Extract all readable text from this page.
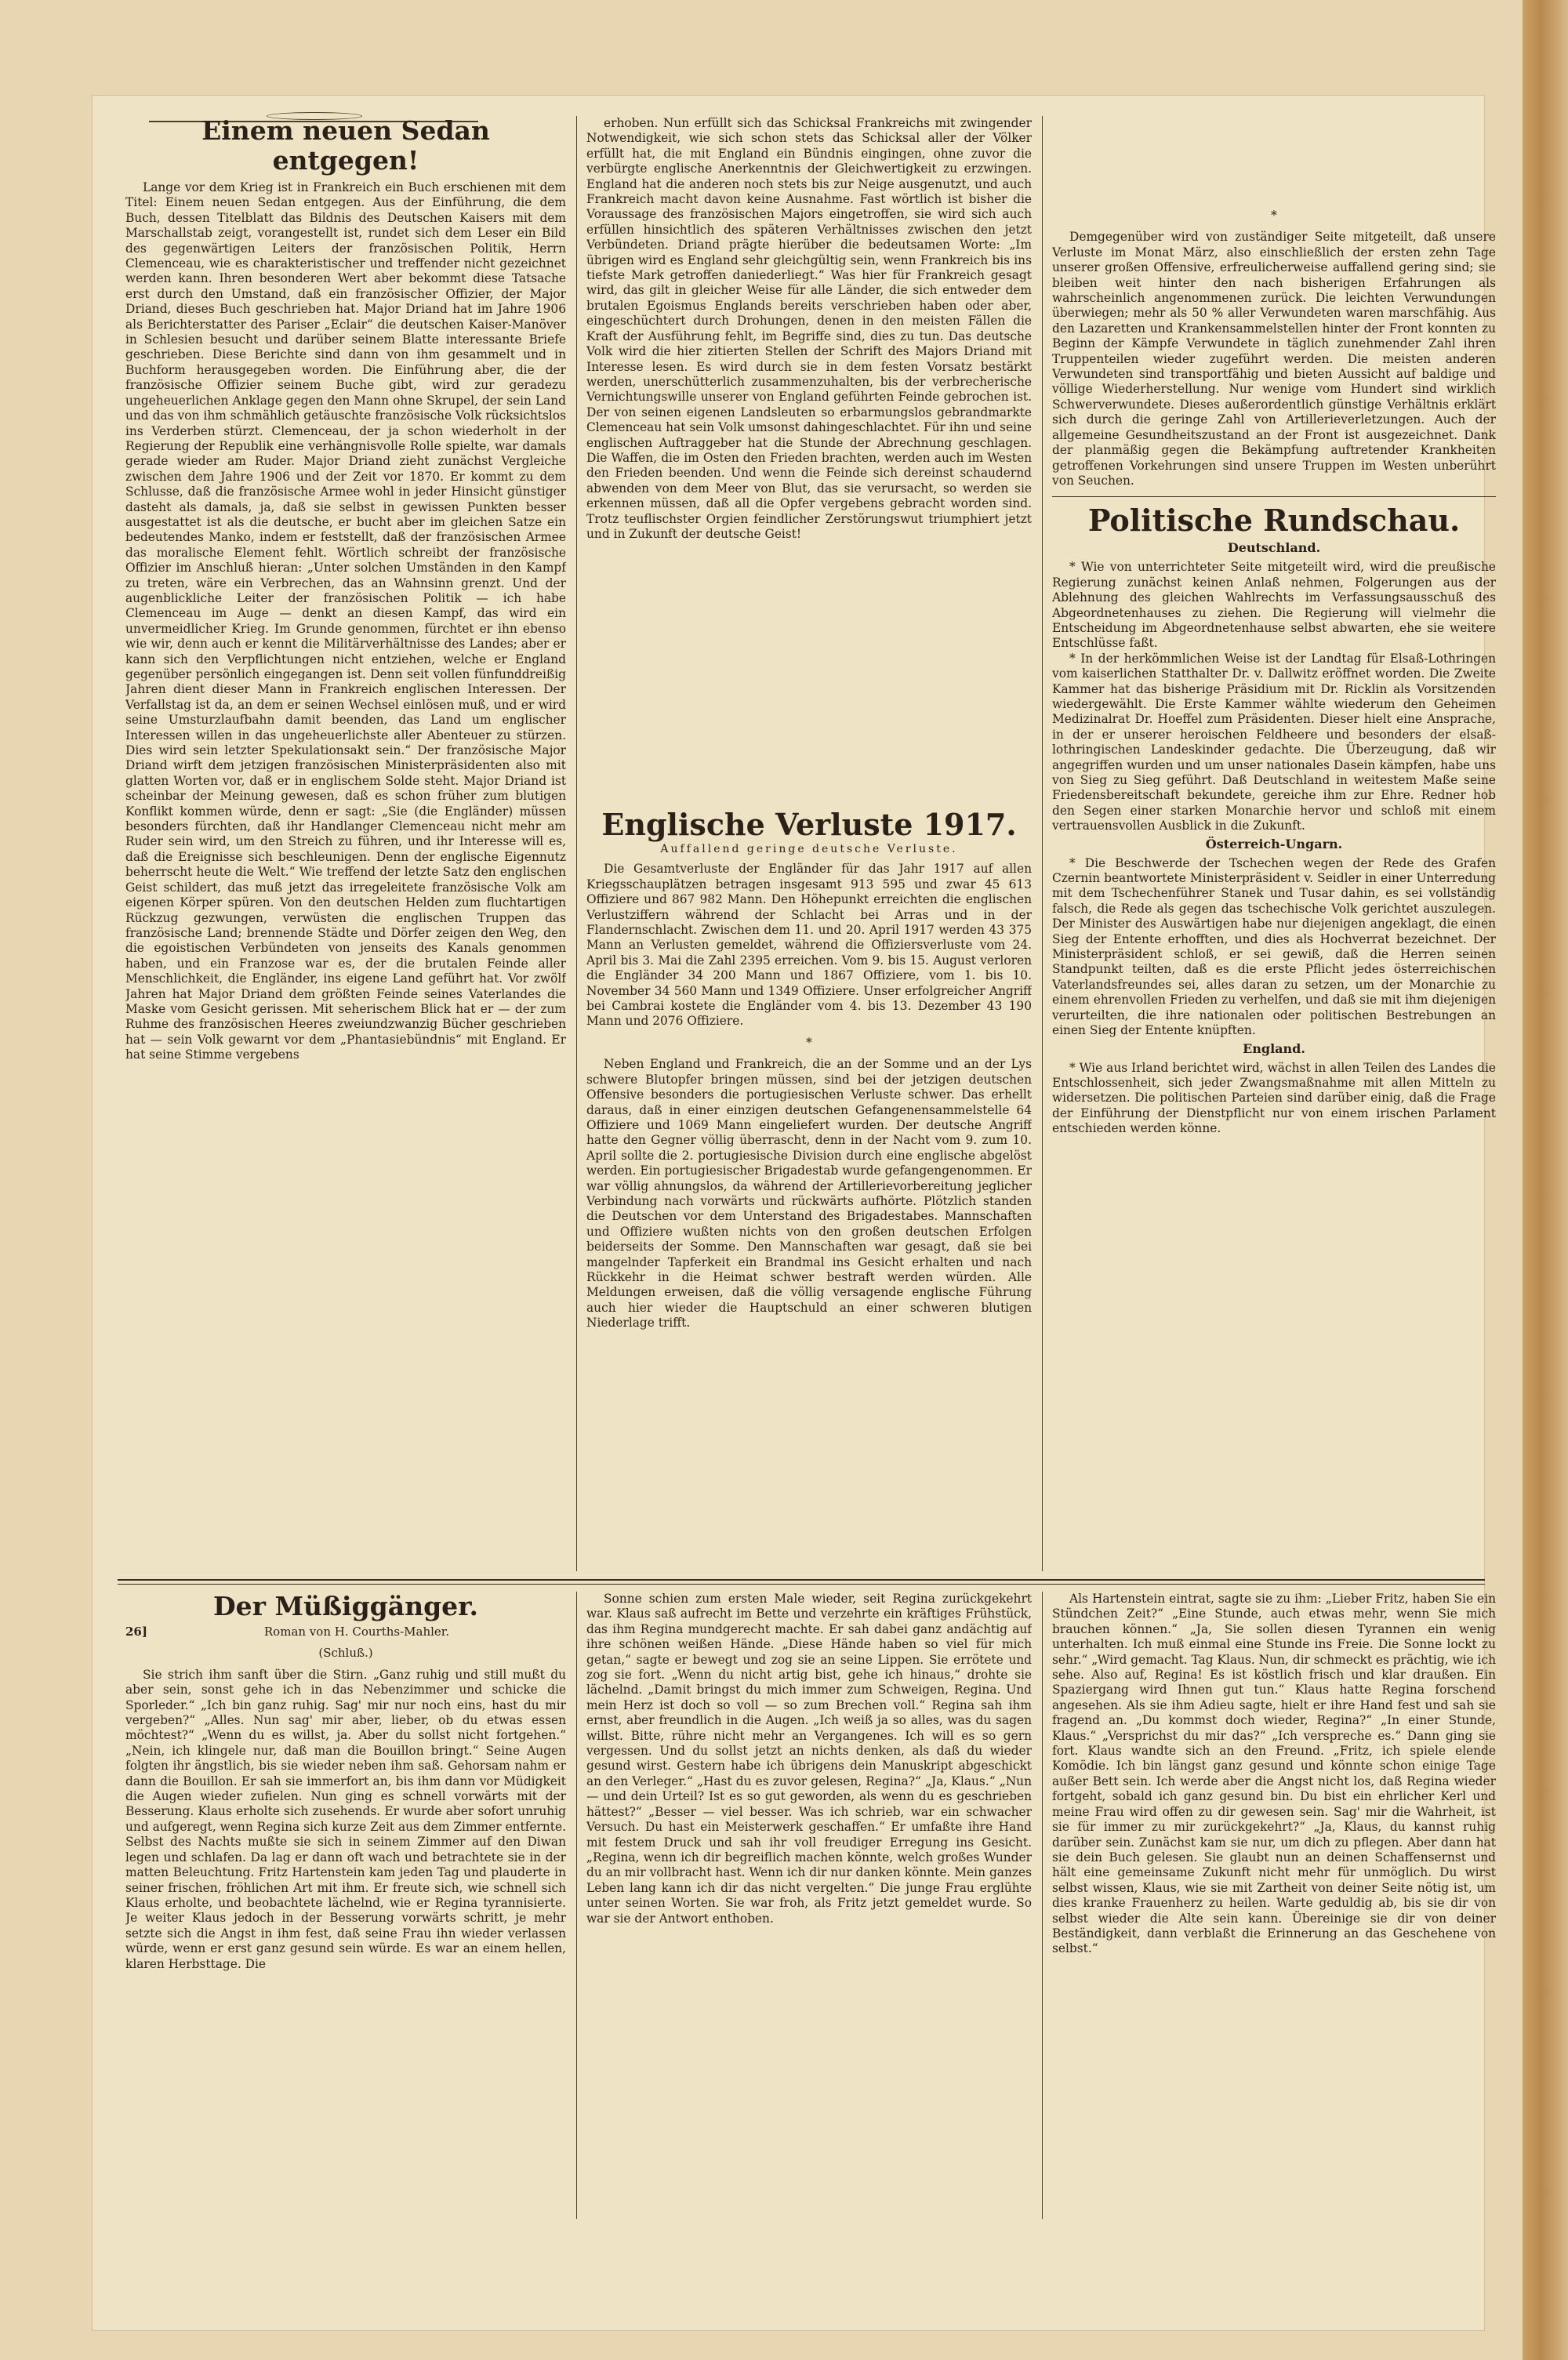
Einem neuen Sedan entgegen!

Lange vor dem Krieg ist in Frankreich ein Buch erschienen mit dem Titel: Einem neuen Sedan entgegen. Aus der Einführung, die dem Buch, dessen Titelblatt das Bildnis des Deutschen Kaisers mit dem Marschallstab zeigt, vorangestellt ist, rundet sich dem Leser ein Bild des gegenwärtigen Leiters der französischen Politik, Herrn Clemenceau, wie es charakteristischer und treffender nicht gezeichnet werden kann. Ihren besonderen Wert aber bekommt diese Tatsache erst durch den Umstand, daß ein französischer Offizier, der Major Driand, dieses Buch geschrieben hat. Major Driand hat im Jahre 1906 als Berichterstatter des Pariser „Eclair“ die deutschen Kaiser-Manöver in Schlesien besucht und darüber seinem Blatte interessante Briefe geschrieben. Diese Berichte sind dann von ihm gesammelt und in Buchform herausgegeben worden. Die Einführung aber, die der französische Offizier seinem Buche gibt, wird zur geradezu ungeheuerlichen Anklage gegen den Mann ohne Skrupel, der sein Land und das von ihm schmählich getäuschte französische Volk rücksichtslos ins Verderben stürzt. Clemenceau, der ja schon wiederholt in der Regierung der Republik eine verhängnisvolle Rolle spielte, war damals gerade wieder am Ruder. Major Driand zieht zunächst Vergleiche zwischen dem Jahre 1906 und der Zeit vor 1870. Er kommt zu dem Schlusse, daß die französische Armee wohl in jeder Hinsicht günstiger dasteht als damals, ja, daß sie selbst in gewissen Punkten besser ausgestattet ist als die deutsche, er bucht aber im gleichen Satze ein bedeutendes Manko, indem er feststellt, daß der französischen Armee das moralische Element fehlt. Wörtlich schreibt der französische Offizier im Anschluß hieran: „Unter solchen Umständen in den Kampf zu treten, wäre ein Verbrechen, das an Wahnsinn grenzt. Und der augenblickliche Leiter der französischen Politik — ich habe Clemenceau im Auge — denkt an diesen Kampf, das wird ein unvermeidlicher Krieg. Im Grunde genommen, fürchtet er ihn ebenso wie wir, denn auch er kennt die Militärverhältnisse des Landes; aber er kann sich den Verpflichtungen nicht entziehen, welche er England gegenüber persönlich eingegangen ist. Denn seit vollen fünfunddreißig Jahren dient dieser Mann in Frankreich englischen Interessen. Der Verfallstag ist da, an dem er seinen Wechsel einlösen muß, und er wird seine Umsturzlaufbahn damit beenden, das Land um englischer Interessen willen in das ungeheuerlichste aller Abenteuer zu stürzen. Dies wird sein letzter Spekulationsakt sein.“ Der französische Major Driand wirft dem jetzigen französischen Ministerpräsidenten also mit glatten Worten vor, daß er in englischem Solde steht. Major Driand ist scheinbar der Meinung gewesen, daß es schon früher zum blutigen Konflikt kommen würde, denn er sagt: „Sie (die Engländer) müssen besonders fürchten, daß ihr Handlanger Clemenceau nicht mehr am Ruder sein wird, um den Streich zu führen, und ihr Interesse will es, daß die Ereignisse sich beschleunigen. Denn der englische Eigennutz beherrscht heute die Welt.“ Wie treffend der letzte Satz den englischen Geist schildert, das muß jetzt das irregeleitete französische Volk am eigenen Körper spüren. Von den deutschen Helden zum fluchtartigen Rückzug gezwungen, verwüsten die englischen Truppen das französische Land; brennende Städte und Dörfer zeigen den Weg, den die egoistischen Verbündeten von jenseits des Kanals genommen haben, und ein Franzose war es, der die brutalen Feinde aller Menschlichkeit, die Engländer, ins eigene Land geführt hat. Vor zwölf Jahren hat Major Driand dem größten Feinde seines Vaterlandes die Maske vom Gesicht gerissen. Mit seherischem Blick hat er — der zum Ruhme des französischen Heeres zweiundzwanzig Bücher geschrieben hat — sein Volk gewarnt vor dem „Phantasiebündnis“ mit England. Er hat seine Stimme vergebens

erhoben. Nun erfüllt sich das Schicksal Frankreichs mit zwingender Notwendigkeit, wie sich schon stets das Schicksal aller der Völker erfüllt hat, die mit England ein Bündnis eingingen, ohne zuvor die verbürgte englische Anerkenntnis der Gleichwertigkeit zu erzwingen. England hat die anderen noch stets bis zur Neige ausgenutzt, und auch Frankreich macht davon keine Ausnahme. Fast wörtlich ist bisher die Voraussage des französischen Majors eingetroffen, sie wird sich auch erfüllen hinsichtlich des späteren Verhältnisses zwischen den jetzt Verbündeten. Driand prägte hierüber die bedeutsamen Worte: „Im übrigen wird es England sehr gleichgültig sein, wenn Frankreich bis ins tiefste Mark getroffen daniederliegt.“ Was hier für Frankreich gesagt wird, das gilt in gleicher Weise für alle Länder, die sich entweder dem brutalen Egoismus Englands bereits verschrieben haben oder aber, eingeschüchtert durch Drohungen, denen in den meisten Fällen die Kraft der Ausführung fehlt, im Begriffe sind, dies zu tun. Das deutsche Volk wird die hier zitierten Stellen der Schrift des Majors Driand mit Interesse lesen. Es wird durch sie in dem festen Vorsatz bestärkt werden, unerschütterlich zusammenzuhalten, bis der verbrecherische Vernichtungswille unserer von England geführten Feinde gebrochen ist. Der von seinen eigenen Landsleuten so erbarmungslos gebrandmarkte Clemenceau hat sein Volk umsonst dahingeschlachtet. Für ihn und seine englischen Auftraggeber hat die Stunde der Abrechnung geschlagen. Die Waffen, die im Osten den Frieden brachten, werden auch im Westen den Frieden beenden. Und wenn die Feinde sich dereinst schaudernd abwenden von dem Meer von Blut, das sie verursacht, so werden sie erkennen müssen, daß all die Opfer vergebens gebracht worden sind. Trotz teuflischster Orgien feindlicher Zerstörungswut triumphiert jetzt und in Zukunft der deutsche Geist!

Englische Verluste 1917.
Auffallend geringe deutsche Verluste.

Die Gesamtverluste der Engländer für das Jahr 1917 auf allen Kriegsschauplätzen betragen insgesamt 913 595 und zwar 45 613 Offiziere und 867 982 Mann. Den Höhepunkt erreichten die englischen Verlustziffern während der Schlacht bei Arras und in der Flandernschlacht. Zwischen dem 11. und 20. April 1917 werden 43 375 Mann an Verlusten gemeldet, während die Offiziersverluste vom 24. April bis 3. Mai die Zahl 2395 erreichen. Vom 9. bis 15. August verloren die Engländer 34 200 Mann und 1867 Offiziere, vom 1. bis 10. November 34 560 Mann und 1349 Offiziere. Unser erfolgreicher Angriff bei Cambrai kostete die Engländer vom 4. bis 13. Dezember 43 190 Mann und 2076 Offiziere.

*

Neben England und Frankreich, die an der Somme und an der Lys schwere Blutopfer bringen müssen, sind bei der jetzigen deutschen Offensive besonders die portugiesischen Verluste schwer. Das erhellt daraus, daß in einer einzigen deutschen Gefangenensammelstelle 64 Offiziere und 1069 Mann eingeliefert wurden. Der deutsche Angriff hatte den Gegner völlig überrascht, denn in der Nacht vom 9. zum 10. April sollte die 2. portugiesische Division durch eine englische abgelöst werden. Ein portugiesischer Brigadestab wurde gefangengenommen. Er war völlig ahnungslos, da während der Artillerievorbereitung jeglicher Verbindung nach vorwärts und rückwärts aufhörte. Plötzlich standen die Deutschen vor dem Unterstand des Brigadestabes. Mannschaften und Offiziere wußten nichts von den großen deutschen Erfolgen beiderseits der Somme. Den Mannschaften war gesagt, daß sie bei mangelnder Tapferkeit ein Brandmal ins Gesicht erhalten und nach Rückkehr in die Heimat schwer bestraft werden würden. Alle Meldungen erweisen, daß die völlig versagende englische Führung auch hier wieder die Hauptschuld an einer schweren blutigen Niederlage trifft.

*

Demgegenüber wird von zuständiger Seite mitgeteilt, daß unsere Verluste im Monat März, also einschließlich der ersten zehn Tage unserer großen Offensive, erfreulicherweise auffallend gering sind; sie bleiben weit hinter den nach bisherigen Erfahrungen als wahrscheinlich angenommenen zurück. Die leichten Verwundungen überwiegen; mehr als 50 % aller Verwundeten waren marschfähig. Aus den Lazaretten und Krankensammelstellen hinter der Front konnten zu Beginn der Kämpfe Verwundete in täglich zunehmender Zahl ihren Truppenteilen wieder zugeführt werden. Die meisten anderen Verwundeten sind transportfähig und bieten Aussicht auf baldige und völlige Wiederherstellung. Nur wenige vom Hundert sind wirklich Schwerverwundete. Dieses außerordentlich günstige Verhältnis erklärt sich durch die geringe Zahl von Artillerieverletzungen. Auch der allgemeine Gesundheitszustand an der Front ist ausgezeichnet. Dank der planmäßig gegen die Bekämpfung auftretender Krankheiten getroffenen Vorkehrungen sind unsere Truppen im Westen unberührt von Seuchen.

Politische Rundschau.
Deutschland.

* Wie von unterrichteter Seite mitgeteilt wird, wird die preußische Regierung zunächst keinen Anlaß nehmen, Folgerungen aus der Ablehnung des gleichen Wahlrechts im Verfassungsausschuß des Abgeordnetenhauses zu ziehen. Die Regierung will vielmehr die Entscheidung im Abgeordnetenhause selbst abwarten, ehe sie weitere Entschlüsse faßt.

* In der herkömmlichen Weise ist der Landtag für Elsaß-Lothringen vom kaiserlichen Statthalter Dr. v. Dallwitz eröffnet worden. Die Zweite Kammer hat das bisherige Präsidium mit Dr. Ricklin als Vorsitzenden wiedergewählt. Die Erste Kammer wählte wiederum den Geheimen Medizinalrat Dr. Hoeffel zum Präsidenten. Dieser hielt eine Ansprache, in der er unserer heroischen Feldheere und besonders der elsaß-lothringischen Landeskinder gedachte. Die Überzeugung, daß wir angegriffen wurden und um unser nationales Dasein kämpfen, habe uns von Sieg zu Sieg geführt. Daß Deutschland in weitestem Maße seine Friedensbereitschaft bekundete, gereiche ihm zur Ehre. Redner hob den Segen einer starken Monarchie hervor und schloß mit einem vertrauensvollen Ausblick in die Zukunft.

Österreich-Ungarn.

* Die Beschwerde der Tschechen wegen der Rede des Grafen Czernin beantwortete Ministerpräsident v. Seidler in einer Unterredung mit dem Tschechenführer Stanek und Tusar dahin, es sei vollständig falsch, die Rede als gegen das tschechische Volk gerichtet auszulegen. Der Minister des Auswärtigen habe nur diejenigen angeklagt, die einen Sieg der Entente erhofften, und dies als Hochverrat bezeichnet. Der Ministerpräsident schloß, er sei gewiß, daß die Herren seinen Standpunkt teilten, daß es die erste Pflicht jedes österreichischen Vaterlandsfreundes sei, alles daran zu setzen, um der Monarchie zu einem ehrenvollen Frieden zu verhelfen, und daß sie mit ihm diejenigen verurteilten, die ihre nationalen oder politischen Bestrebungen an einen Sieg der Entente knüpften.

England.

* Wie aus Irland berichtet wird, wächst in allen Teilen des Landes die Entschlossenheit, sich jeder Zwangsmaßnahme mit allen Mitteln zu widersetzen. Die politischen Parteien sind darüber einig, daß die Frage der Einführung der Dienstpflicht nur von einem irischen Parlament entschieden werden könne.

Der Müßiggänger.
26]	Roman von H. Courths-Mahler.
(Schluß.)

Sie strich ihm sanft über die Stirn. „Ganz ruhig und still mußt du aber sein, sonst gehe ich in das Nebenzimmer und schicke die Sporleder.“ „Ich bin ganz ruhig. Sag' mir nur noch eins, hast du mir vergeben?“ „Alles. Nun sag' mir aber, lieber, ob du etwas essen möchtest?“ „Wenn du es willst, ja. Aber du sollst nicht fortgehen.“ „Nein, ich klingele nur, daß man die Bouillon bringt.“ Seine Augen folgten ihr ängstlich, bis sie wieder neben ihm saß. Gehorsam nahm er dann die Bouillon. Er sah sie immerfort an, bis ihm dann vor Müdigkeit die Augen wieder zufielen. Nun ging es schnell vorwärts mit der Besserung. Klaus erholte sich zusehends. Er wurde aber sofort unruhig und aufgeregt, wenn Regina sich kurze Zeit aus dem Zimmer entfernte. Selbst des Nachts mußte sie sich in seinem Zimmer auf den Diwan legen und schlafen. Da lag er dann oft wach und betrachtete sie in der matten Beleuchtung. Fritz Hartenstein kam jeden Tag und plauderte in seiner frischen, fröhlichen Art mit ihm. Er freute sich, wie schnell sich Klaus erholte, und beobachtete lächelnd, wie er Regina tyrannisierte. Je weiter Klaus jedoch in der Besserung vorwärts schritt, je mehr setzte sich die Angst in ihm fest, daß seine Frau ihn wieder verlassen würde, wenn er erst ganz gesund sein würde. Es war an einem hellen, klaren Herbsttage. Die

Sonne schien zum ersten Male wieder, seit Regina zurückgekehrt war. Klaus saß aufrecht im Bette und verzehrte ein kräftiges Frühstück, das ihm Regina mundgerecht machte. Er sah dabei ganz andächtig auf ihre schönen weißen Hände. „Diese Hände haben so viel für mich getan,“ sagte er bewegt und zog sie an seine Lippen. Sie errötete und zog sie fort. „Wenn du nicht artig bist, gehe ich hinaus,“ drohte sie lächelnd. „Damit bringst du mich immer zum Schweigen, Regina. Und mein Herz ist doch so voll — so zum Brechen voll.“ Regina sah ihm ernst, aber freundlich in die Augen. „Ich weiß ja so alles, was du sagen willst. Bitte, rühre nicht mehr an Vergangenes. Ich will es so gern vergessen. Und du sollst jetzt an nichts denken, als daß du wieder gesund wirst. Gestern habe ich übrigens dein Manuskript abgeschickt an den Verleger.“ „Hast du es zuvor gelesen, Regina?“ „Ja, Klaus.“ „Nun — und dein Urteil? Ist es so gut geworden, als wenn du es geschrieben hättest?“ „Besser — viel besser. Was ich schrieb, war ein schwacher Versuch. Du hast ein Meisterwerk geschaffen.“ Er umfaßte ihre Hand mit festem Druck und sah ihr voll freudiger Erregung ins Gesicht. „Regina, wenn ich dir begreiflich machen könnte, welch großes Wunder du an mir vollbracht hast. Wenn ich dir nur danken könnte. Mein ganzes Leben lang kann ich dir das nicht vergelten.“ Die junge Frau erglühte unter seinen Worten. Sie war froh, als Fritz jetzt gemeldet wurde. So war sie der Antwort enthoben.

Als Hartenstein eintrat, sagte sie zu ihm: „Lieber Fritz, haben Sie ein Stündchen Zeit?“ „Eine Stunde, auch etwas mehr, wenn Sie mich brauchen können.“ „Ja, Sie sollen diesen Tyrannen ein wenig unterhalten. Ich muß einmal eine Stunde ins Freie. Die Sonne lockt zu sehr.“ „Wird gemacht. Tag Klaus. Nun, dir schmeckt es prächtig, wie ich sehe. Also auf, Regina! Es ist köstlich frisch und klar draußen. Ein Spaziergang wird Ihnen gut tun.“ Klaus hatte Regina forschend angesehen. Als sie ihm Adieu sagte, hielt er ihre Hand fest und sah sie fragend an. „Du kommst doch wieder, Regina?“ „In einer Stunde, Klaus.“ „Versprichst du mir das?“ „Ich verspreche es.“ Dann ging sie fort. Klaus wandte sich an den Freund. „Fritz, ich spiele elende Komödie. Ich bin längst ganz gesund und könnte schon einige Tage außer Bett sein. Ich werde aber die Angst nicht los, daß Regina wieder fortgeht, sobald ich ganz gesund bin. Du bist ein ehrlicher Kerl und meine Frau wird offen zu dir gewesen sein. Sag' mir die Wahrheit, ist sie für immer zu mir zurückgekehrt?“ „Ja, Klaus, du kannst ruhig darüber sein. Zunächst kam sie nur, um dich zu pflegen. Aber dann hat sie dein Buch gelesen. Sie glaubt nun an deinen Schaffensernst und hält eine gemeinsame Zukunft nicht mehr für unmöglich. Du wirst selbst wissen, Klaus, wie sie mit Zartheit von deiner Seite nötig ist, um dies kranke Frauenherz zu heilen. Warte geduldig ab, bis sie dir von selbst wieder die Alte sein kann. Übereinige sie dir von deiner Beständigkeit, dann verblaßt die Erinnerung an das Geschehene von selbst.“
